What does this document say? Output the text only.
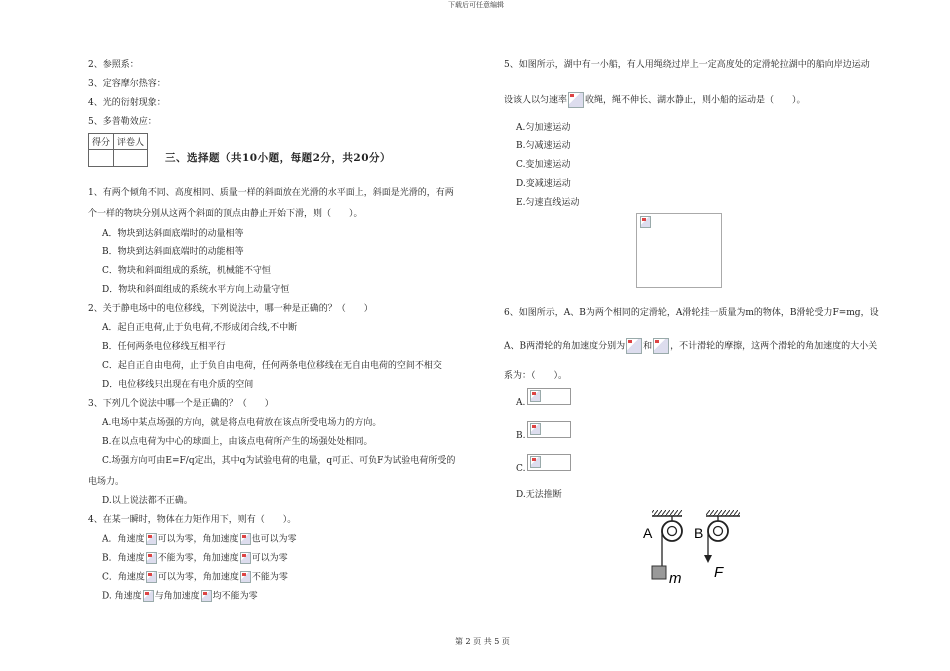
下载后可任意编辑
2、参照系：
3、定容摩尔热容：
4、光的衍射现象：
5、多普勒效应：
得分	评卷人

三、选择题（共10小题，每题2分，共20分）
1、有两个倾角不同、高度相同、质量一样的斜面放在光滑的水平面上，斜面是光滑的，有两
个一样的物块分别从这两个斜面的顶点由静止开始下滑，则（　　）。
A．物块到达斜面底端时的动量相等
B．物块到达斜面底端时的动能相等
C．物块和斜面组成的系统，机械能不守恒
D．物块和斜面组成的系统水平方向上动量守恒
2、关于静电场中的电位移线，下列说法中，哪一种是正确的？（　　）
A．起自正电荷,止于负电荷,不形成闭合线,不中断
B．任何两条电位移线互相平行
C．起自正自由电荷，止于负自由电荷，任何两条电位移线在无自由电荷的空间不相交
D．电位移线只出现在有电介质的空间
3、下列几个说法中哪一个是正确的？（　　）
A.电场中某点场强的方向，就是将点电荷放在该点所受电场力的方向。
B.在以点电荷为中心的球面上，由该点电荷所产生的场强处处相同。
C.场强方向可由E=F/q定出，其中q为试验电荷的电量，q可正、可负F为试验电荷所受的
电场力。
D.以上说法都不正确。
4、在某一瞬时，物体在力矩作用下，则有（　　）。
A．角速度 可以为零，角加速度 也可以为零
B．角速度 不能为零，角加速度 可以为零
C．角速度 可以为零，角加速度 不能为零
D. 角速度 与角加速度 均不能为零
5、如图所示，湖中有一小船，有人用绳绕过岸上一定高度处的定滑轮拉湖中的船向岸边运动
设该人以匀速率 收绳，绳不伸长、湖水静止，则小船的运动是（　　）。
A.匀加速运动
B.匀减速运动
C.变加速运动
D.变减速运动
E.匀速直线运动
6、如图所示，A、B为两个相同的定滑轮，A滑轮挂一质量为m的物体，B滑轮受力F=mg，设
A、B两滑轮的角加速度分别为 和 ，不计滑轮的摩擦，这两个滑轮的角加速度的大小关
系为：（　　）。
A.
B.
C.
D.无法推断
A	B
m F
第 2 页 共 5 页
